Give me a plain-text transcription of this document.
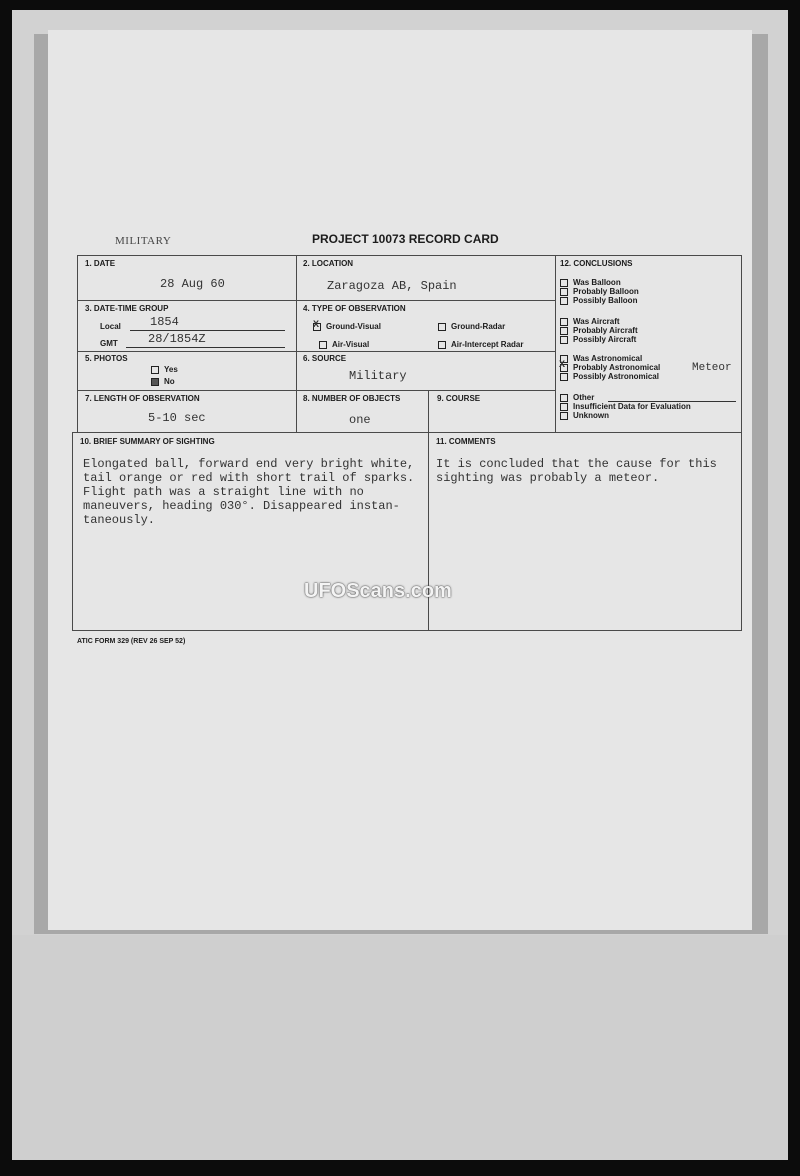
MILITARY	PROJECT 10073 RECORD CARD
1. DATE
28 Aug 60
2. LOCATION
Zaragoza AB, Spain
12. CONCLUSIONS
Was Balloon
Probably Balloon
Possibly Balloon
Was Aircraft
Probably Aircraft
Possibly Aircraft
Was Astronomical
X Probably Astronomical	Meteor
Possibly Astronomical
Other
Insufficient Data for Evaluation
Unknown
3. DATE-TIME GROUP
Local 1854
GMT	28/1854Z
4. TYPE OF OBSERVATION
X Ground-Visual	Ground-Radar
Air-Visual	Air-Intercept Radar
5. PHOTOS
Yes
No
6. SOURCE
Military
7. LENGTH OF OBSERVATION
5-10 sec
8. NUMBER OF OBJECTS
one
9. COURSE
10. BRIEF SUMMARY OF SIGHTING
Elongated ball, forward end very bright white,
tail orange or red with short trail of sparks.
Flight path was a straight line with no
maneuvers, heading 030°. Disappeared instan-
taneously.
11. COMMENTS
It is concluded that the cause for this
sighting was probably a meteor.
UFOScans.com
ATIC FORM 329 (REV 26 SEP 52)
